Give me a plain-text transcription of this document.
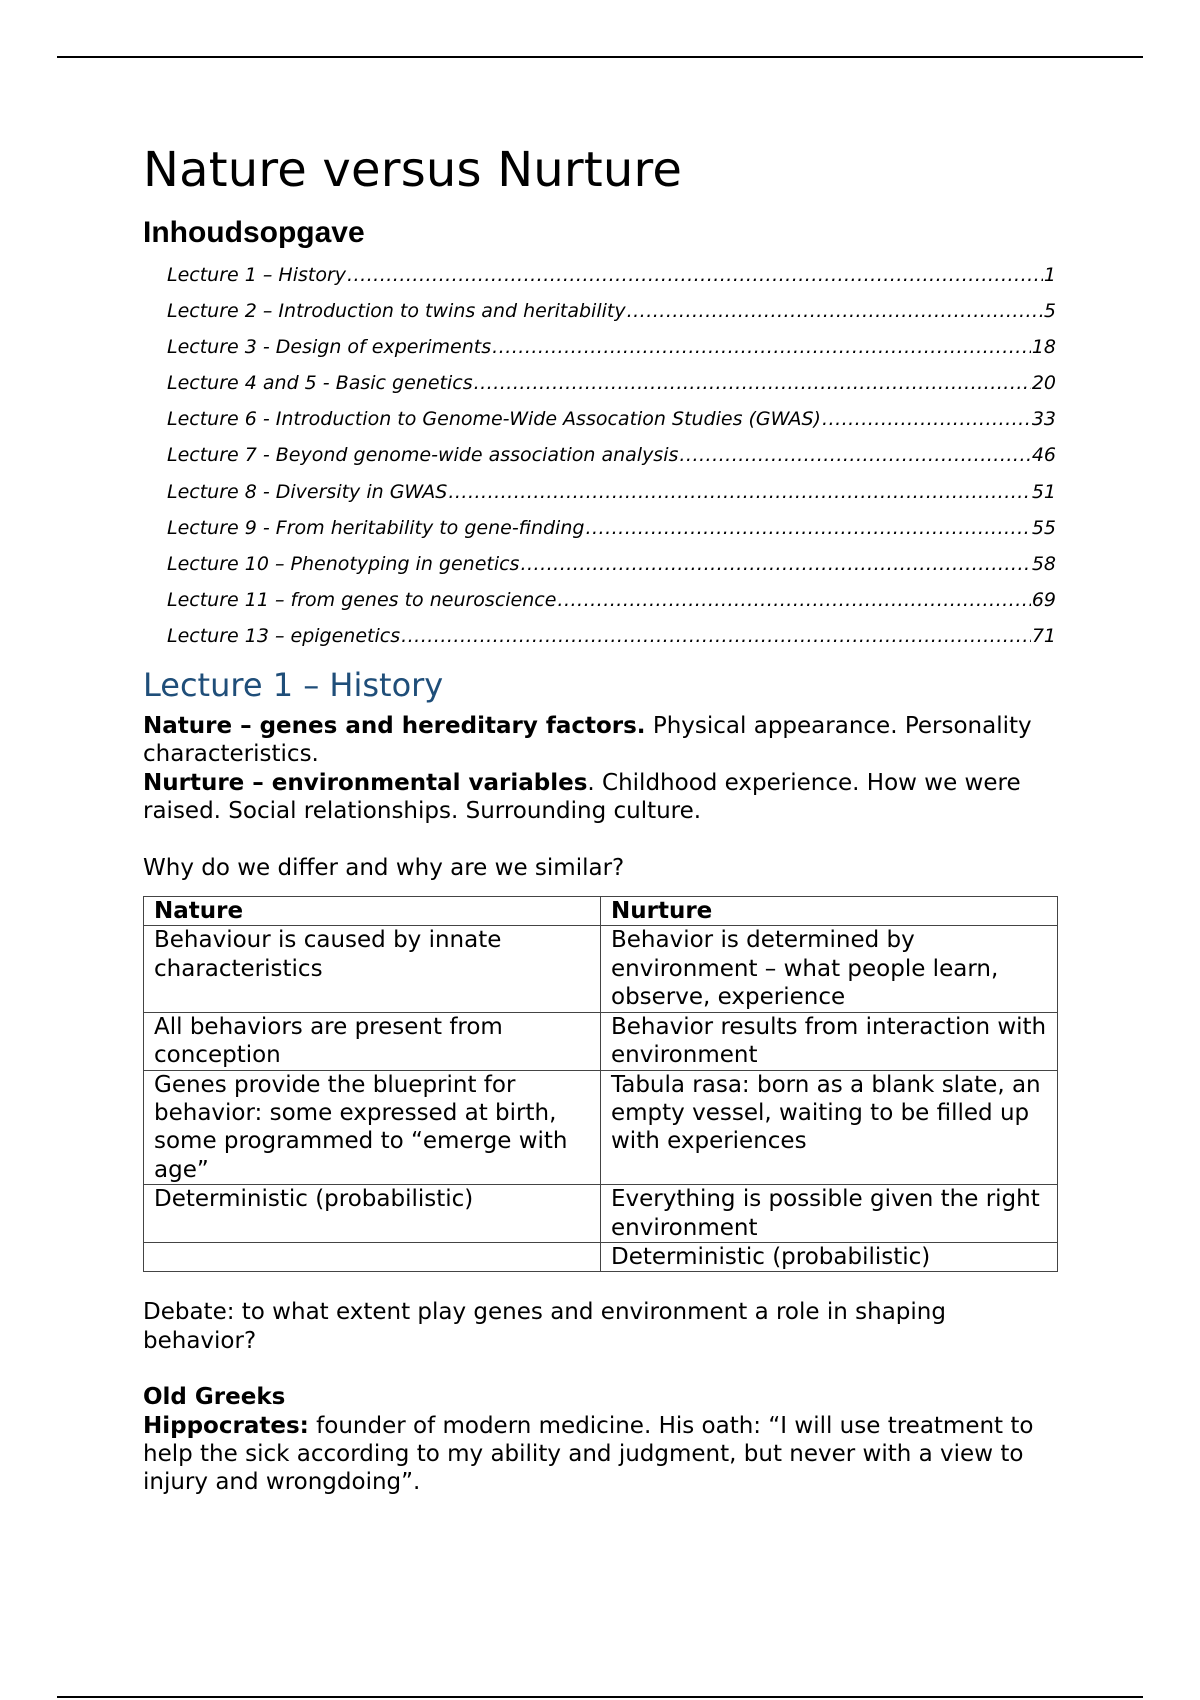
Nature versus Nurture
Inhoudsopgave
Lecture 1 – History .....	1
Lecture 2 – Introduction to twins and heritability .....	5
Lecture 3 - Design of experiments .....	18
Lecture 4 and 5 - Basic genetics .....	20
Lecture 6 - Introduction to Genome-Wide Assocation Studies (GWAS) .....	33
Lecture 7 - Beyond genome-wide association analysis .....	46
Lecture 8 - Diversity in GWAS .....	51
Lecture 9 - From heritability to gene-finding .....	55
Lecture 10 – Phenotyping in genetics .....	58
Lecture 11 – from genes to neuroscience .....	69
Lecture 13 – epigenetics .....	71
Lecture 1 – History

Nature – genes and hereditary factors. Physical appearance. Personality characteristics.

Nurture – environmental variables. Childhood experience. How we were raised. Social relationships. Surrounding culture.

Why do we differ and why are we similar?

Nature	Nurture
Behaviour is caused by innate characteristics	Behavior is determined by environment – what people learn, observe, experience
All behaviors are present from conception	Behavior results from interaction with environment
Genes provide the blueprint for behavior: some expressed at birth, some programmed to “emerge with age”	Tabula rasa: born as a blank slate, an empty vessel, waiting to be filled up with experiences
Deterministic (probabilistic)	Everything is possible given the right environment
	Deterministic (probabilistic)

Debate: to what extent play genes and environment a role in shaping behavior?

Old Greeks

Hippocrates: founder of modern medicine. His oath: “I will use treatment to help the sick according to my ability and judgment, but never with a view to injury and wrongdoing”.
